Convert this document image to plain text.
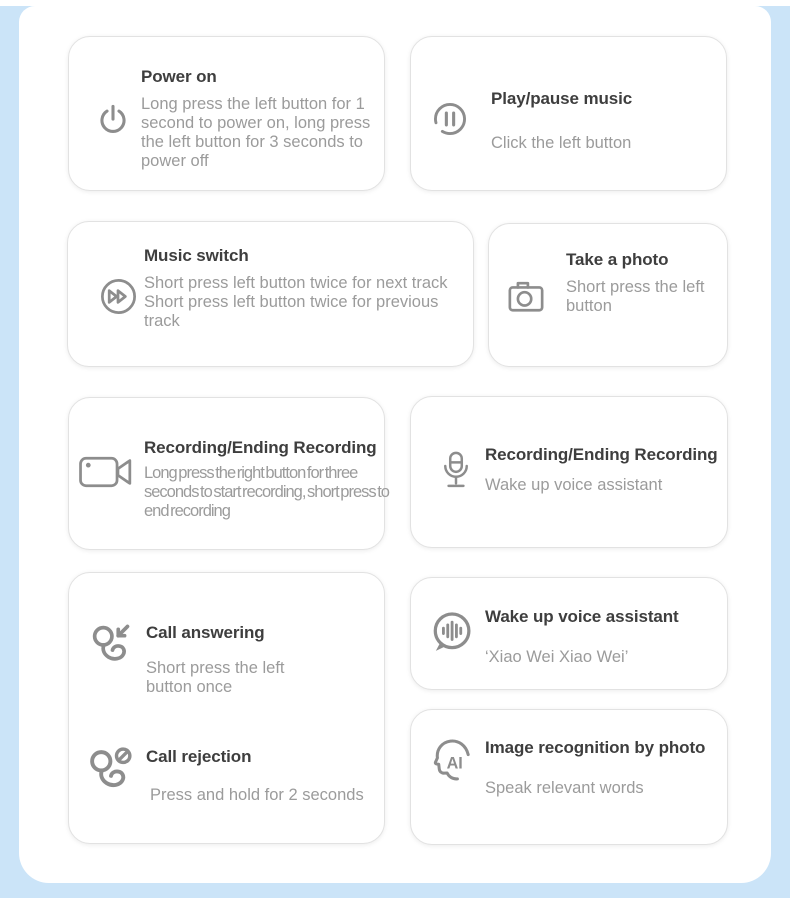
Power on
Long press the left button for 1 second to power on, long press the left button for 3 seconds to power off
Play/pause music
Click the left button
Music switch
Short press left button twice for next track Short press left button twice for previous track
Take a photo
Short press the left button
Recording/Ending Recording
Long press the right button for three seconds to start recording, short press to end recording
Recording/Ending Recording
Wake up voice assistant
Call answering
Short press the left button once
Call rejection
Press and hold for 2 seconds
Wake up voice assistant
‘Xiao Wei Xiao Wei’
AI
Image recognition by photo
Speak relevant words
